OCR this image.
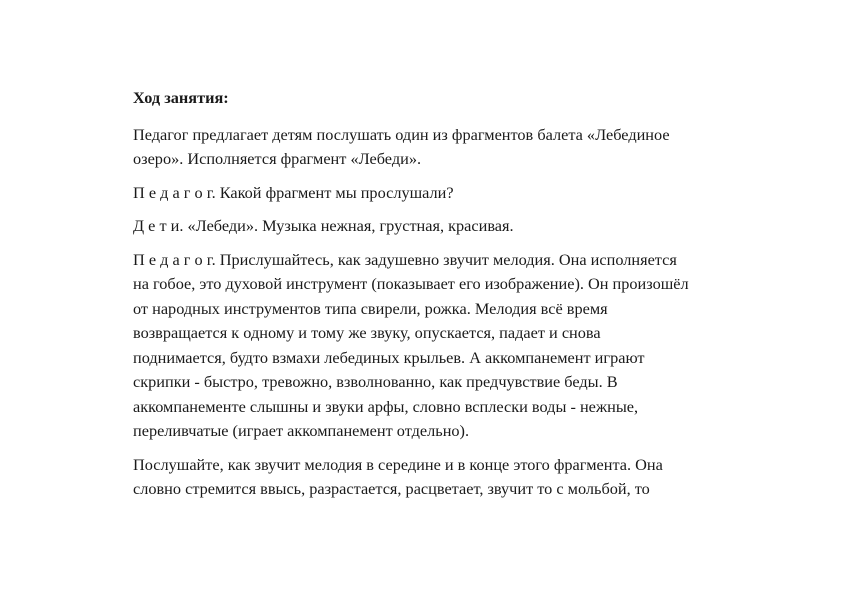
Ход занятия:
Педагог предлагает детям послушать один из фрагментов балета «Лебединое
озеро». Исполняется фрагмент «Лебеди».
П е д а г о г. Какой фрагмент мы прослушали?
Д е т и. «Лебеди». Музыка нежная, грустная, красивая.
П е д а г о г. Прислушайтесь, как задушевно звучит мелодия. Она исполняется
на гобое, это духовой инструмент (показывает его изображение). Он произошёл
от народных инструментов типа свирели, рожка. Мелодия всё время
возвращается к одному и тому же звуку, опускается, падает и снова
поднимается, будто взмахи лебединых крыльев. А аккомпанемент играют
скрипки - быстро, тревожно, взволнованно, как предчувствие беды. В
аккомпанементе слышны и звуки арфы, словно всплески воды - нежные,
переливчатые (играет аккомпанемент отдельно).
Послушайте, как звучит мелодия в середине и в конце этого фрагмента. Она
словно стремится ввысь, разрастается, расцветает, звучит то с мольбой, то
